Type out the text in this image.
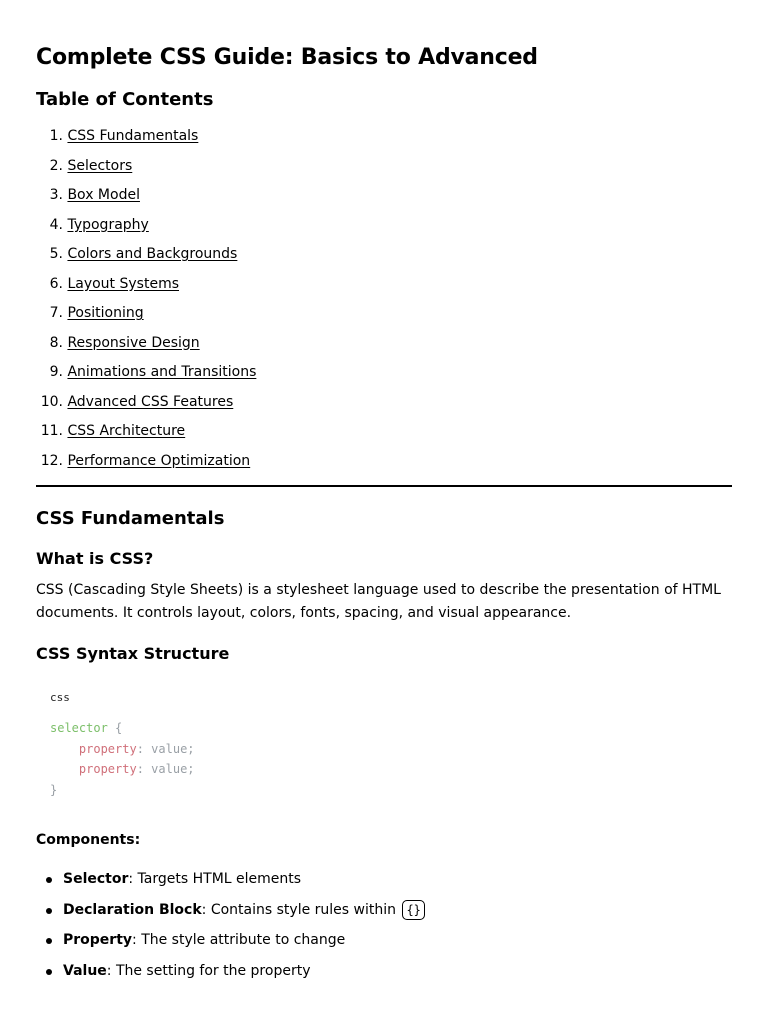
Complete CSS Guide: Basics to Advanced
Table of Contents
1.
CSS Fundamentals
2.
Selectors
3.
Box Model
4.
Typography
5.
Colors and Backgrounds
6.
Layout Systems
7.
Positioning
8.
Responsive Design
9.
Animations and Transitions
10.
Advanced CSS Features
11.
CSS Architecture
12.
Performance Optimization
CSS Fundamentals
What is CSS?

CSS (Cascading Style Sheets) is a stylesheet language used to describe the presentation of HTML documents. It controls layout, colors, fonts, spacing, and visual appearance.

CSS Syntax Structure
css
selector {
property: value;
property: value;
}
Components:
Selector: Targets HTML elements
Declaration Block: Contains style rules within {}
Property: The style attribute to change
Value: The setting for the property
